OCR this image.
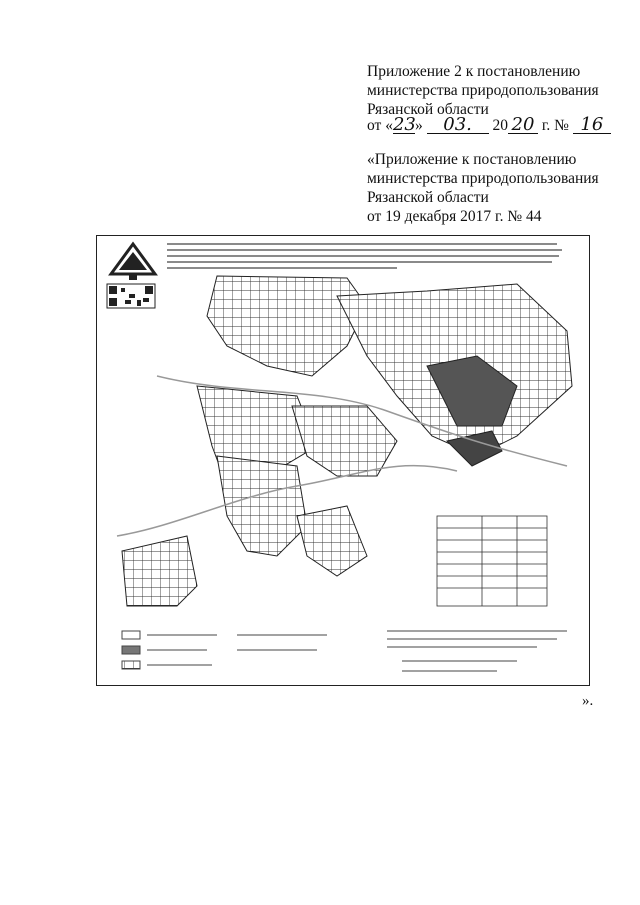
Приложение 2 к постановлению
министерства природопользования
Рязанской области
от «23» 03. 20 20 г. № 16
«Приложение к постановлению
министерства природопользования
Рязанской области
от 19 декабря 2017 г. № 44
».
